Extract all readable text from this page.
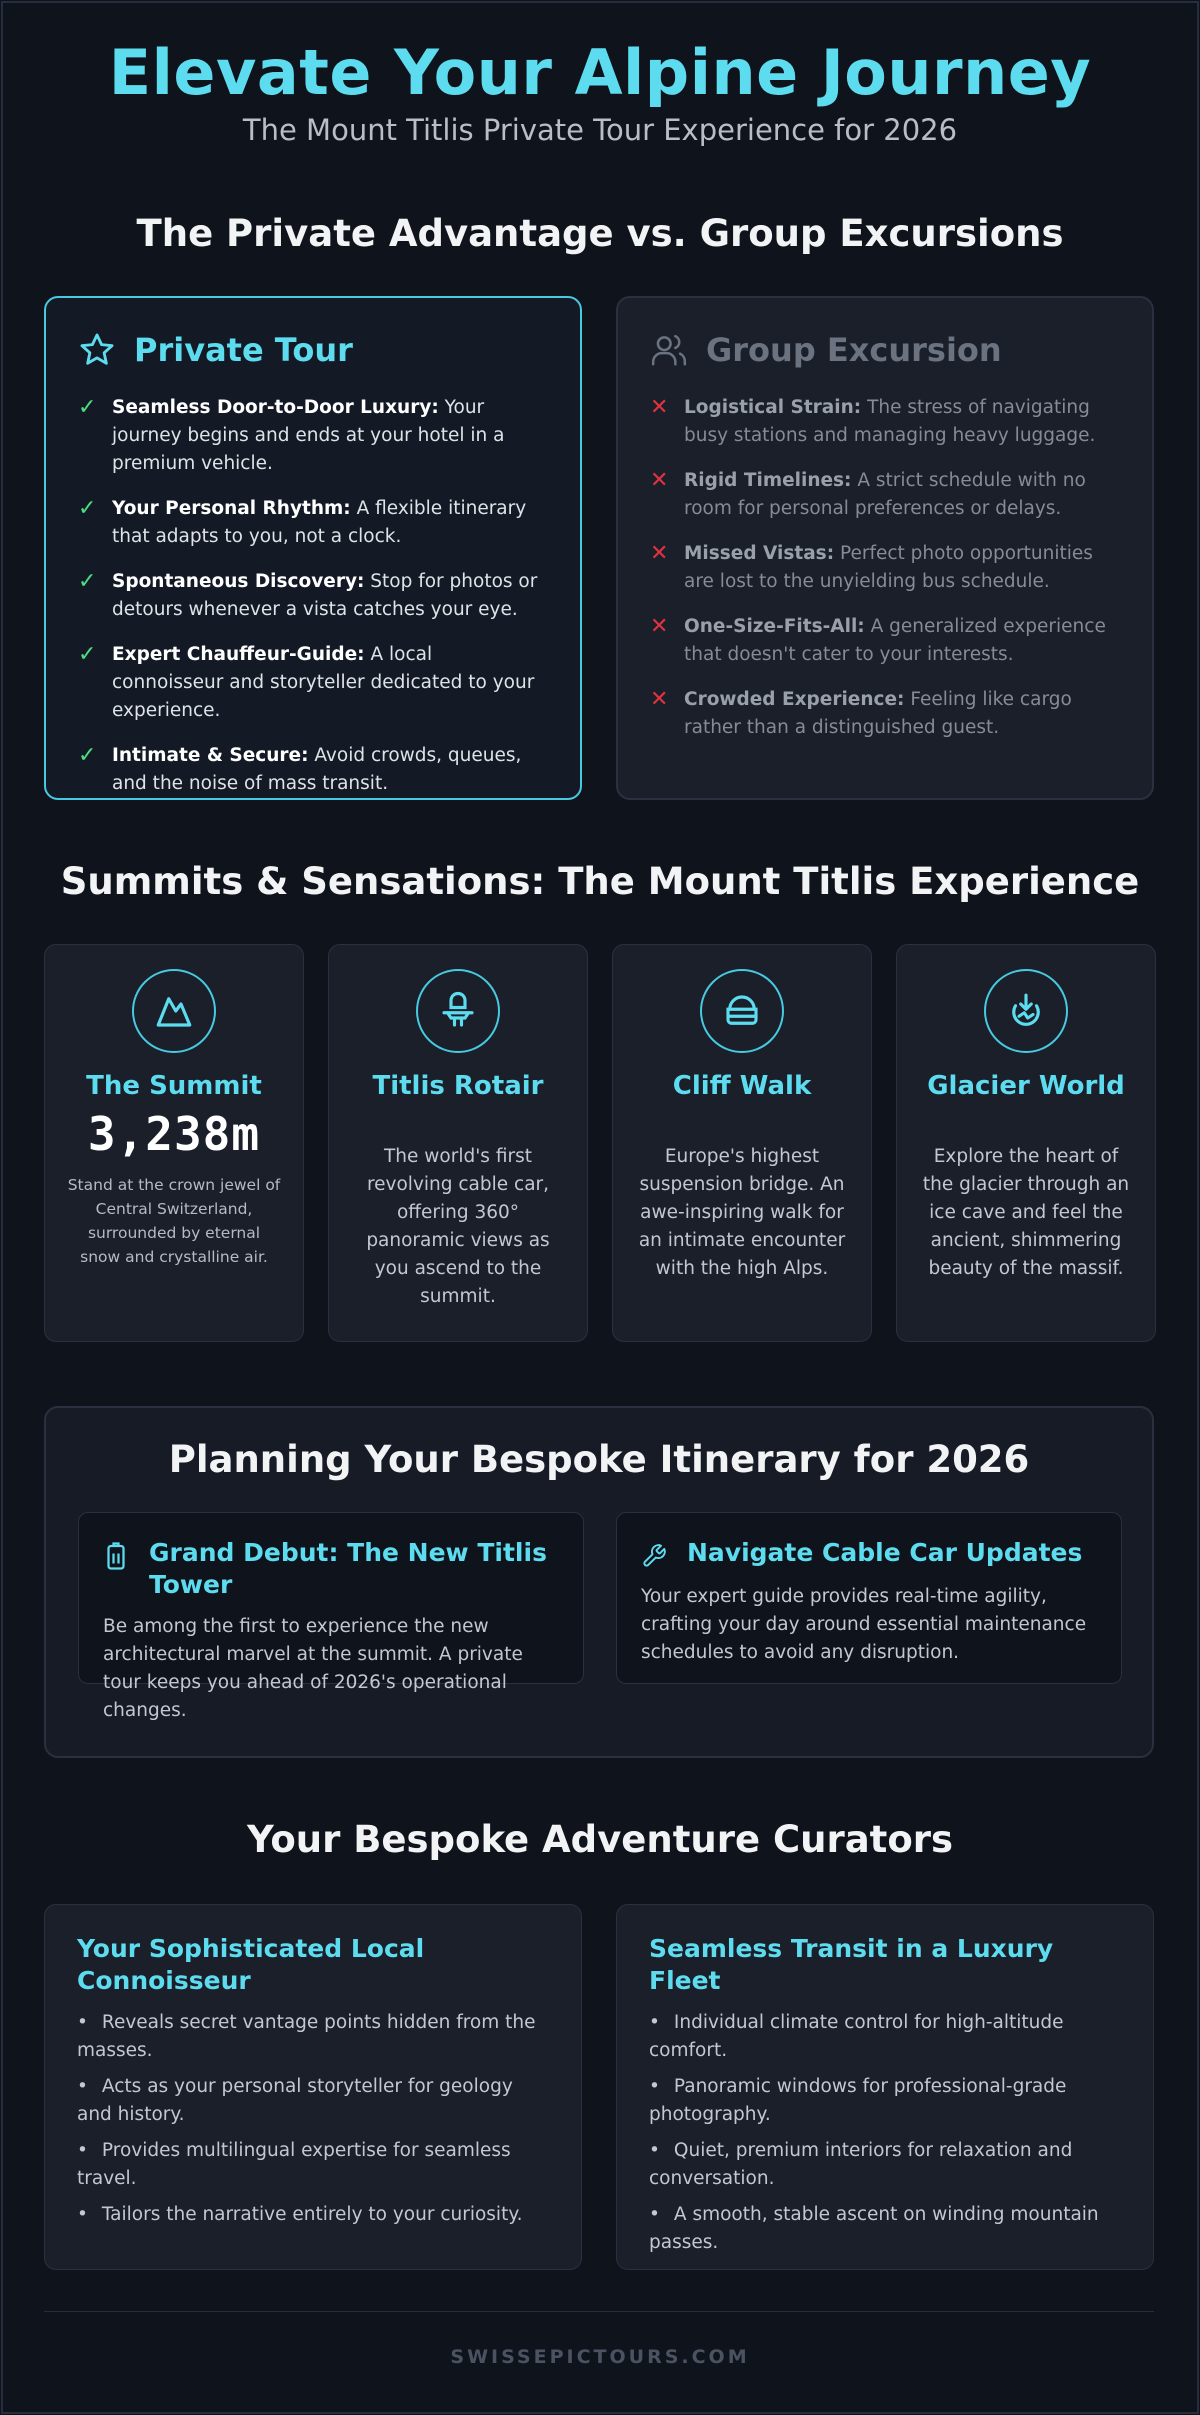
Elevate Your Alpine Journey
The Mount Titlis Private Tour Experience for 2026
The Private Advantage vs. Group Excursions
Private Tour
✓ Seamless Door-to-Door Luxury: Your journey begins and ends at your hotel in a premium vehicle.
✓ Your Personal Rhythm: A flexible itinerary that adapts to you, not a clock.
✓ Spontaneous Discovery: Stop for photos or detours whenever a vista catches your eye.
✓ Expert Chauffeur-Guide: A local connoisseur and storyteller dedicated to your experience.
✓ Intimate & Secure: Avoid crowds, queues, and the noise of mass transit.
Group Excursion
✕ Logistical Strain: The stress of navigating busy stations and managing heavy luggage.
✕ Rigid Timelines: A strict schedule with no room for personal preferences or delays.
✕ Missed Vistas: Perfect photo opportunities are lost to the unyielding bus schedule.
✕ One-Size-Fits-All: A generalized experience that doesn't cater to your interests.
✕ Crowded Experience: Feeling like cargo rather than a distinguished guest.
Summits & Sensations: The Mount Titlis Experience
The Summit
3,238m
Stand at the crown jewel of Central Switzerland, surrounded by eternal snow and crystalline air.
Titlis Rotair
The world's first revolving cable car, offering 360° panoramic views as you ascend to the summit.
Cliff Walk
Europe's highest suspension bridge. An awe-inspiring walk for an intimate encounter with the high Alps.
Glacier World
Explore the heart of the glacier through an ice cave and feel the ancient, shimmering beauty of the massif.
Planning Your Bespoke Itinerary for 2026
Grand Debut: The New Titlis Tower
Be among the first to experience the new architectural marvel at the summit. A private tour keeps you ahead of 2026's operational changes.
Navigate Cable Car Updates
Your expert guide provides real-time agility, crafting your day around essential maintenance schedules to avoid any disruption.
Your Bespoke Adventure Curators
Your Sophisticated Local Connoisseur
• Reveals secret vantage points hidden from the masses.
• Acts as your personal storyteller for geology and history.
• Provides multilingual expertise for seamless travel.
• Tailors the narrative entirely to your curiosity.
Seamless Transit in a Luxury Fleet
• Individual climate control for high-altitude comfort.
• Panoramic windows for professional-grade photography.
• Quiet, premium interiors for relaxation and conversation.
• A smooth, stable ascent on winding mountain passes.
SWISSEPICTOURS.COM
